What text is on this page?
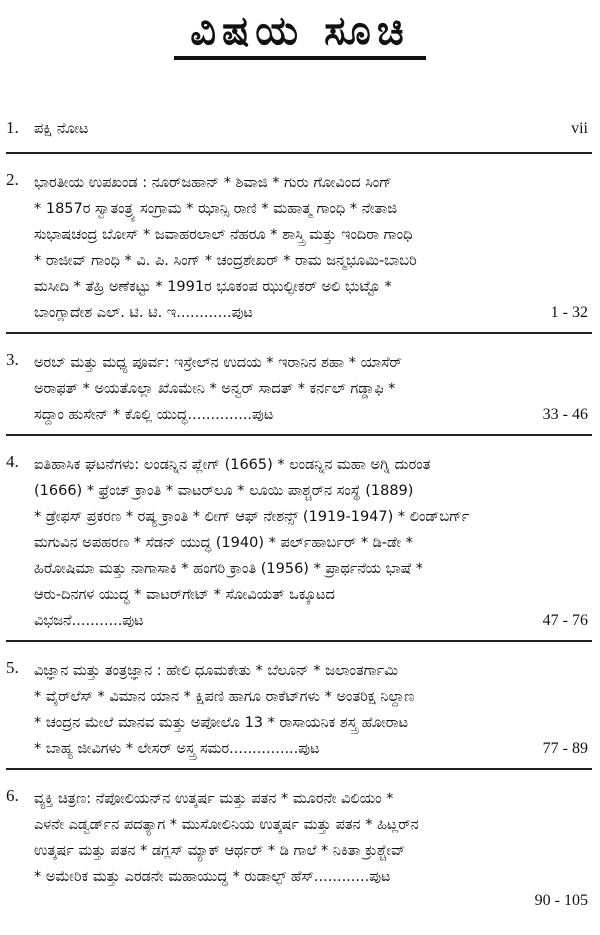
ವಿಷಯ ಸೂಚಿ
1. ಪಕ್ಷಿ ನೋಟ	vii
2. ಭಾರತೀಯ ಉಪಖಂಡ : ನೂರ್‌ಜಹಾನ್ * ಶಿವಾಜಿ * ಗುರು ಗೋವಿಂದ ಸಿಂಗ್
* 1857ರ ಸ್ವಾತಂತ್ರ್ಯ ಸಂಗ್ರಾಮ * ಝಾನ್ಸಿ ರಾಣಿ * ಮಹಾತ್ಮ ಗಾಂಧಿ * ನೇತಾಜಿ
ಸುಭಾಷಚಂದ್ರ ಬೋಸ್ * ಜವಾಹರಲಾಲ್ ನೆಹರೂ * ಶಾಸ್ತ್ರಿ ಮತ್ತು ಇಂದಿರಾ ಗಾಂಧಿ
* ರಾಜೀವ್ ಗಾಂಧಿ * ವಿ. ಪಿ. ಸಿಂಗ್ * ಚಂದ್ರಶೇಖರ್ * ರಾಮ ಜನ್ಮಭೂಮಿ-ಬಾಬರಿ
ಮಸೀದಿ * ತೆಹ್ರಿ ಅಣೆಕಟ್ಟು * 1991ರ ಭೂಕಂಪ ಝುಲ್ಫೀಕರ್ ಅಲಿ ಭುಟ್ಟೊ *
ಬಾಂಗ್ಲಾದೇಶ ಎಲ್. ಟಿ. ಟಿ. ಇ............ಪುಟ	1 - 32
3. ಅರಬ್ ಮತ್ತು ಮಧ್ಯ ಪೂರ್ವ: ಇಸ್ರೇಲ್‌ನ ಉದಯ * ಇರಾನಿನ ಶಹಾ * ಯಾಸೆರ್
ಅರಾಫತ್ * ಅಯತೊಲ್ಲಾ ಖೊಮೇನಿ * ಅನ್ವರ್ ಸಾದತ್ * ಕರ್ನಲ್ ಗಡ್ಡಾಫಿ *
ಸದ್ದಾಂ ಹುಸೇನ್ * ಕೊಲ್ಲಿ ಯುದ್ಧ..............ಪುಟ	33 - 46
4. ಐತಿಹಾಸಿಕ ಘಟನೆಗಳು: ಲಂಡನ್ನಿನ ಪ್ಲೇಗ್ (1665) * ಲಂಡನ್ನಿನ ಮಹಾ ಅಗ್ನಿ ದುರಂತ
(1666) * ಫ್ರೆಂಚ್ ಕ್ರಾಂತಿ * ವಾಟರ್‌ಲೂ * ಲೂಯಿ ಪಾಶ್ಚರ್‌ನ ಸಂಸ್ಥೆ (1889)
* ಡ್ರೇಫಸ್ ಪ್ರಕರಣ * ರಷ್ಯ ಕ್ರಾಂತಿ * ಲೀಗ್ ಆಫ್ ನೇಶನ್ಸ್ (1919-1947) * ಲಿಂಡ್‌ಬರ್ಗ್
ಮಗುವಿನ ಅಪಹರಣ * ಸೆಡನ್ ಯುದ್ಧ (1940) * ಪರ್ಲ್‌ಹಾರ್ಬರ್ * ಡಿ-ಡೇ *
ಹಿರೋಷಿಮಾ ಮತ್ತು ನಾಗಾಸಾಕಿ * ಹಂಗರಿ ಕ್ರಾಂತಿ (1956) * ಪ್ರಾರ್ಥನೆಯ ಭಾಷೆ *
ಆರು-ದಿನಗಳ ಯುದ್ಧ * ವಾಟರ್‌ಗೇಟ್ * ಸೋವಿಯತ್ ಒಕ್ಕೂಟದ
ವಿಭಜನೆ...........ಪುಟ	47 - 76
5. ವಿಜ್ಞಾನ ಮತ್ತು ತಂತ್ರಜ್ಞಾನ : ಹೇಲಿ ಧೂಮಕೇತು * ಬೆಲೂನ್ * ಜಲಾಂತರ್ಗಾಮಿ
* ವೈರ್‌ಲೆಸ್ * ವಿಮಾನ ಯಾನ * ಕ್ಷಿಪಣಿ ಹಾಗೂ ರಾಕೆಟ್‌ಗಳು * ಅಂತರಿಕ್ಷ ನಿಲ್ದಾಣ
* ಚಂದ್ರನ ಮೇಲೆ ಮಾನವ ಮತ್ತು ಅಪೋಲೊ 13 * ರಾಸಾಯನಿಕ ಶಸ್ತ್ರ ಹೋರಾಟ
* ಬಾಹ್ಯ ಜೀವಿಗಳು * ಲೇಸರ್ ಅಸ್ತ್ರ ಸಮರ...............ಪುಟ	77 - 89
6. ವ್ಯಕ್ತಿ ಚಿತ್ರಣ: ನೆಪೋಲಿಯನ್‌ನ ಉತ್ಕರ್ಷ ಮತ್ತು ಪತನ * ಮೂರನೇ ವಿಲಿಯಂ *
ಎಳನೇ ಎಡ್ವರ್ಡ್‌ನ ಪದತ್ಯಾಗ * ಮುಸೋಲಿನಿಯ ಉತ್ಕರ್ಷ ಮತ್ತು ಪತನ * ಹಿಟ್ಲರ್‌ನ
ಉತ್ಕರ್ಷ ಮತ್ತು ಪತನ * ಡಗ್ಲಸ್ ಮ್ಯಾಕ್ ಆರ್ಥರ್ * ಡಿ ಗಾಲೆ * ನಿಕಿತಾ ಕ್ರುಶ್ಚೇವ್
* ಅಮೇರಿಕ ಮತ್ತು ಎರಡನೇ ಮಹಾಯುದ್ಧ * ರುಡಾಲ್ಫ್ ಹೆಸ್............ಪುಟ
90 - 105
